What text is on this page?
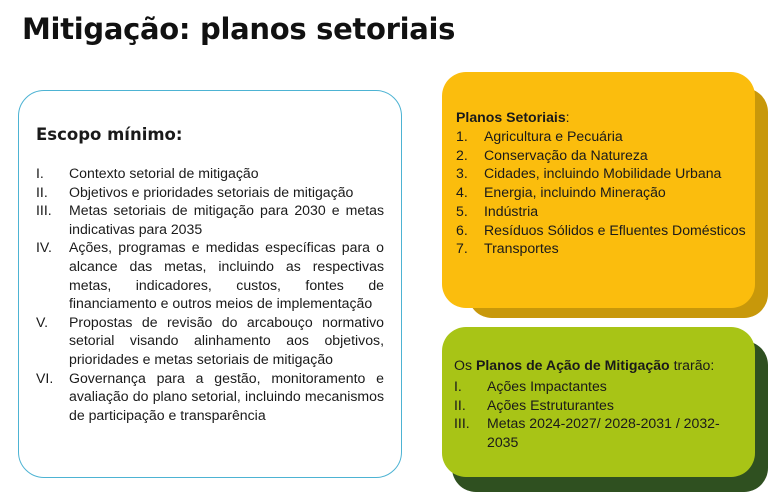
Mitigação: planos setoriais
Escopo mínimo:
I.	Contexto setorial de mitigação
II.	Objetivos e prioridades setoriais de mitigação
III.	Metas setoriais de mitigação para 2030 e metas indicativas para 2035
IV.	Ações, programas e medidas específicas para o alcance das metas, incluindo as respectivas metas, indicadores, custos, fontes de financiamento e outros meios de implementação
V.	Propostas de revisão do arcabouço normativo setorial visando alinhamento aos objetivos, prioridades e metas setoriais de mitigação
VI.	Governança para a gestão, monitoramento e avaliação do plano setorial, incluindo mecanismos de participação e transparência
Planos Setoriais:
1.	Agricultura e Pecuária
2.	Conservação da Natureza
3.	Cidades, incluindo Mobilidade Urbana
4.	Energia, incluindo Mineração
5.	Indústria
6.	Resíduos Sólidos e Efluentes Domésticos
7.	Transportes
Os Planos de Ação de Mitigação trarão:
I.	Ações Impactantes
II.	Ações Estruturantes
III.	Metas 2024-2027/ 2028-2031 / 2032-2035
